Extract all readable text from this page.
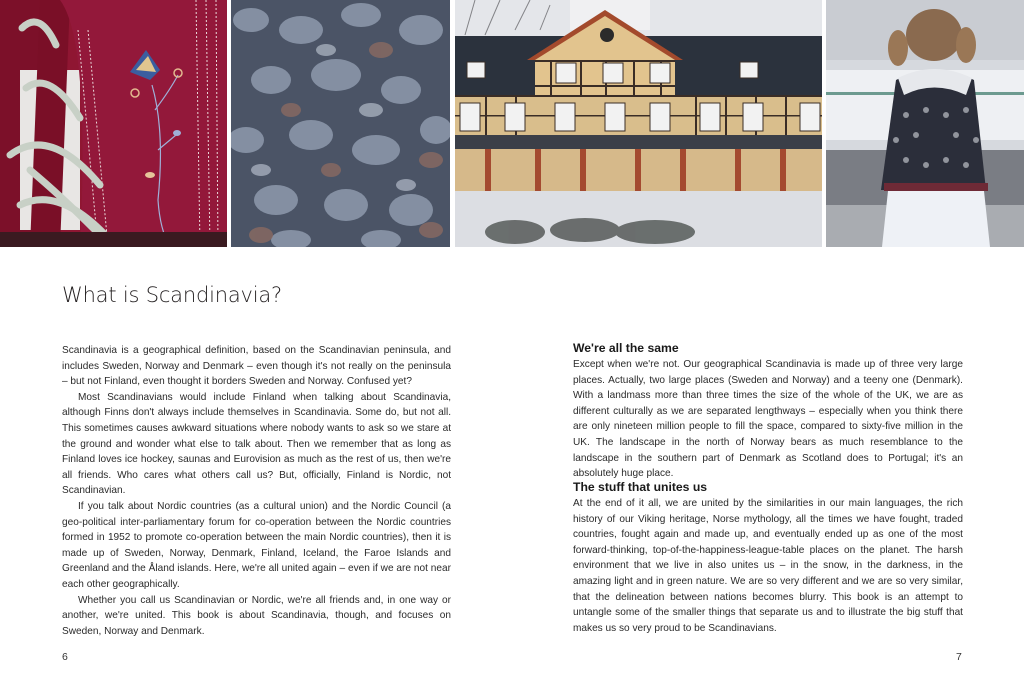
What is Scandinavia?

Scandinavia is a geographical definition, based on the Scandinavian peninsula, and includes Sweden, Norway and Denmark – even though it's not really on the peninsula – but not Finland, even thought it borders Sweden and Norway. Confused yet?

Most Scandinavians would include Finland when talking about Scandinavia, although Finns don't always include themselves in Scandinavia. Some do, but not all. This sometimes causes awkward situations where nobody wants to ask so we stare at the ground and wonder what else to talk about. Then we remember that as long as Finland loves ice hockey, saunas and Eurovision as much as the rest of us, then we're all friends. Who cares what others call us? But, officially, Finland is Nordic, not Scandinavian.

If you talk about Nordic countries (as a cultural union) and the Nordic Council (a geo-political inter-parliamentary forum for co-operation between the Nordic countries formed in 1952 to promote co-operation between the main Nordic countries), then it is made up of Sweden, Norway, Denmark, Finland, Iceland, the Faroe Islands and Greenland and the Åland islands. Here, we're all united again – even if we are not near each other geographically.

Whether you call us Scandinavian or Nordic, we're all friends and, in one way or another, we're united. This book is about Scandinavia, though, and focuses on Sweden, Norway and Denmark.

We're all the same

Except when we're not. Our geographical Scandinavia is made up of three very large places. Actually, two large places (Sweden and Norway) and a teeny one (Denmark). With a landmass more than three times the size of the whole of the UK, we are as different culturally as we are separated lengthways – especially when you think there are only nineteen million people to fill the space, compared to sixty-five million in the UK. The landscape in the north of Norway bears as much resemblance to the landscape in the southern part of Denmark as Scotland does to Portugal; it's an absolutely huge place.

The stuff that unites us

At the end of it all, we are united by the similarities in our main languages, the rich history of our Viking heritage, Norse mythology, all the times we have fought, traded countries, fought again and made up, and eventually ended up as one of the most forward-thinking, top-of-the-happiness-league-table places on the planet. The harsh environment that we live in also unites us – in the snow, in the darkness, in the amazing light and in green nature. We are so very different and we are so very similar, that the delineation between nations becomes blurry. This book is an attempt to untangle some of the smaller things that separate us and to illustrate the big stuff that makes us so very proud to be Scandinavians.

6	7
